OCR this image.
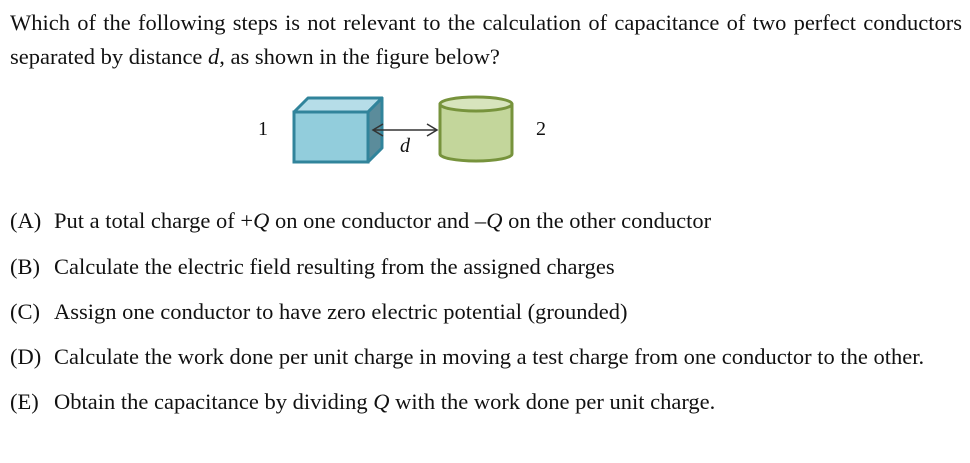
Which of the following steps is not relevant to the calculation of capacitance of two perfect conductors separated by distance d, as shown in the figure below?
1
d
2
(A) Put a total charge of +Q on one conductor and –Q on the other conductor
(B) Calculate the electric field resulting from the assigned charges
(C) Assign one conductor to have zero electric potential (grounded)
(D) Calculate the work done per unit charge in moving a test charge from one conductor to the other.
(E) Obtain the capacitance by dividing Q with the work done per unit charge.
